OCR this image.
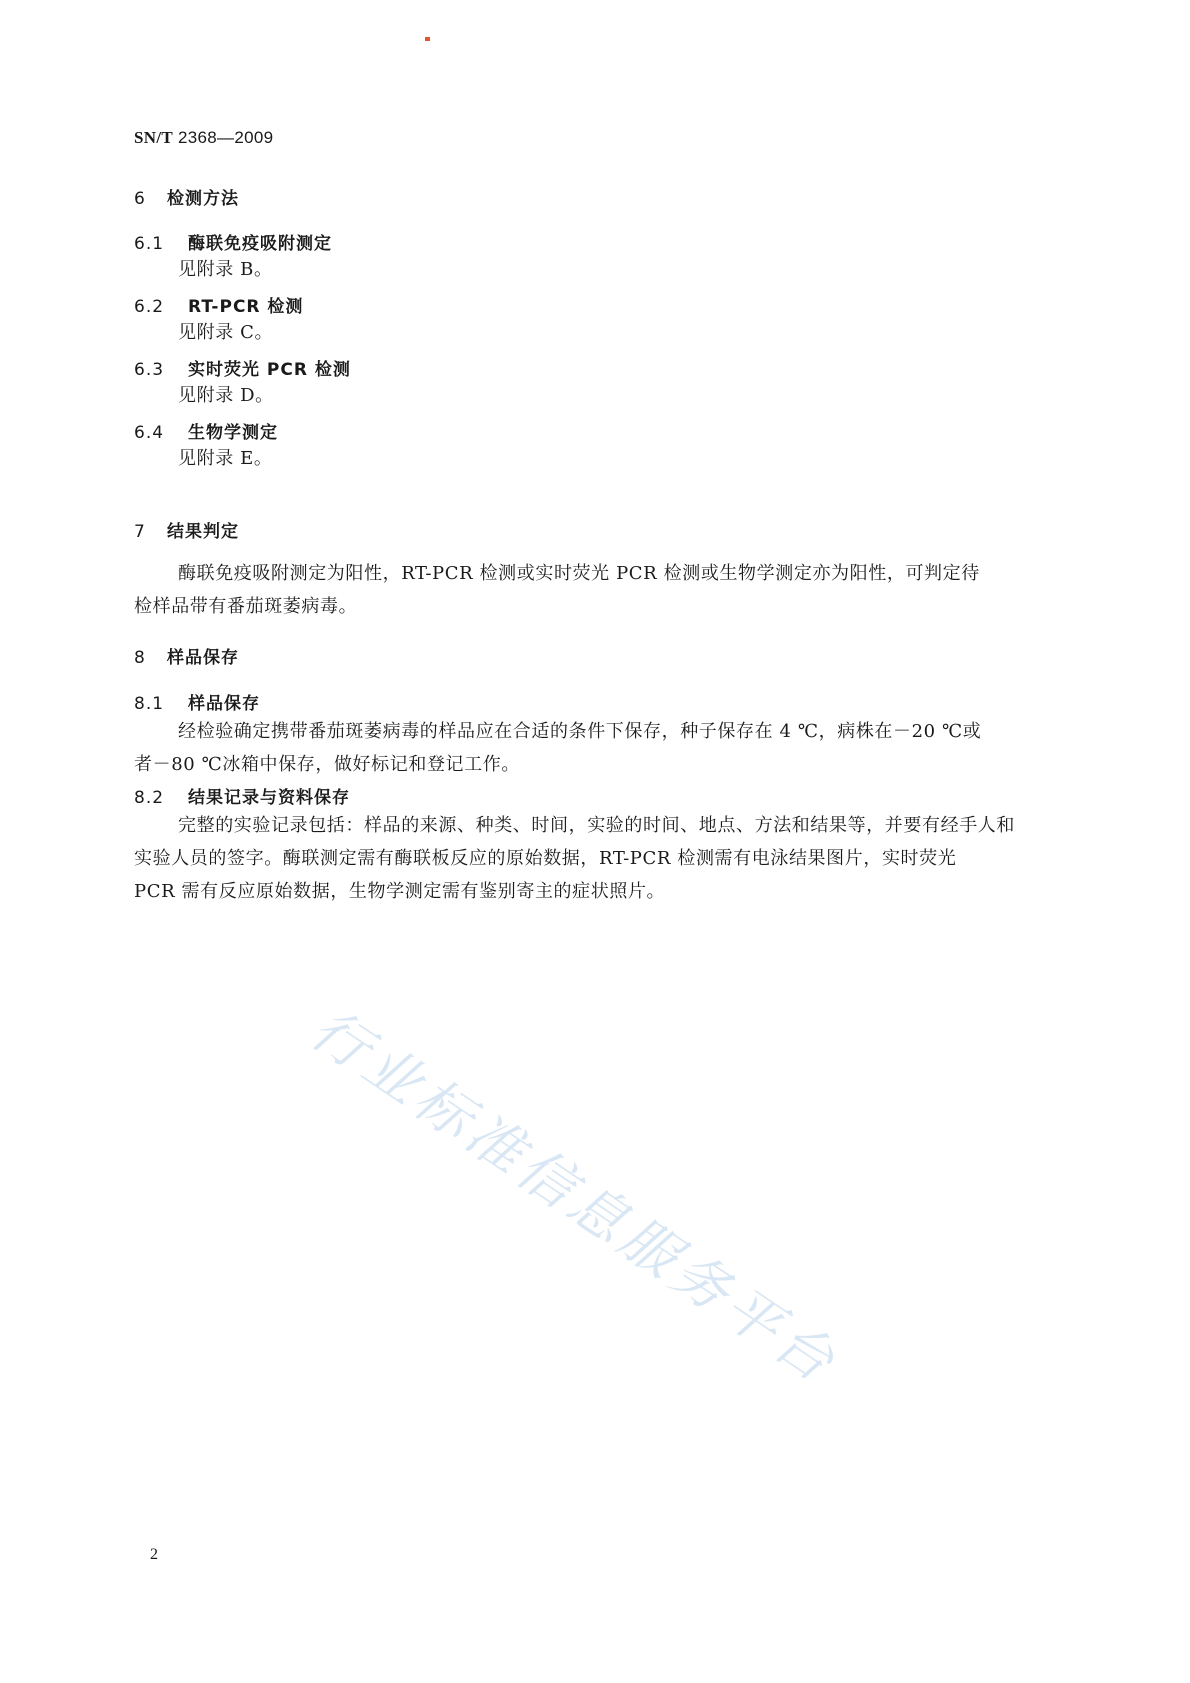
SN/T 2368—2009
6 检测方法
6.1 酶联免疫吸附测定
见附录 B。
6.2 RT-PCR 检测
见附录 C。
6.3 实时荧光 PCR 检测
见附录 D。
6.4 生物学测定
见附录 E。
7 结果判定
酶联免疫吸附测定为阳性，RT-PCR 检测或实时荧光 PCR 检测或生物学测定亦为阳性，可判定待
检样品带有番茄斑萎病毒。
8 样品保存
8.1 样品保存
经检验确定携带番茄斑萎病毒的样品应在合适的条件下保存，种子保存在 4 ℃，病株在－20 ℃或
者－80 ℃冰箱中保存，做好标记和登记工作。
8.2 结果记录与资料保存
完整的实验记录包括：样品的来源、种类、时间，实验的时间、地点、方法和结果等，并要有经手人和
实验人员的签字。酶联测定需有酶联板反应的原始数据，RT-PCR 检测需有电泳结果图片，实时荧光
PCR 需有反应原始数据，生物学测定需有鉴别寄主的症状照片。
行业标准信息服务平台
2
